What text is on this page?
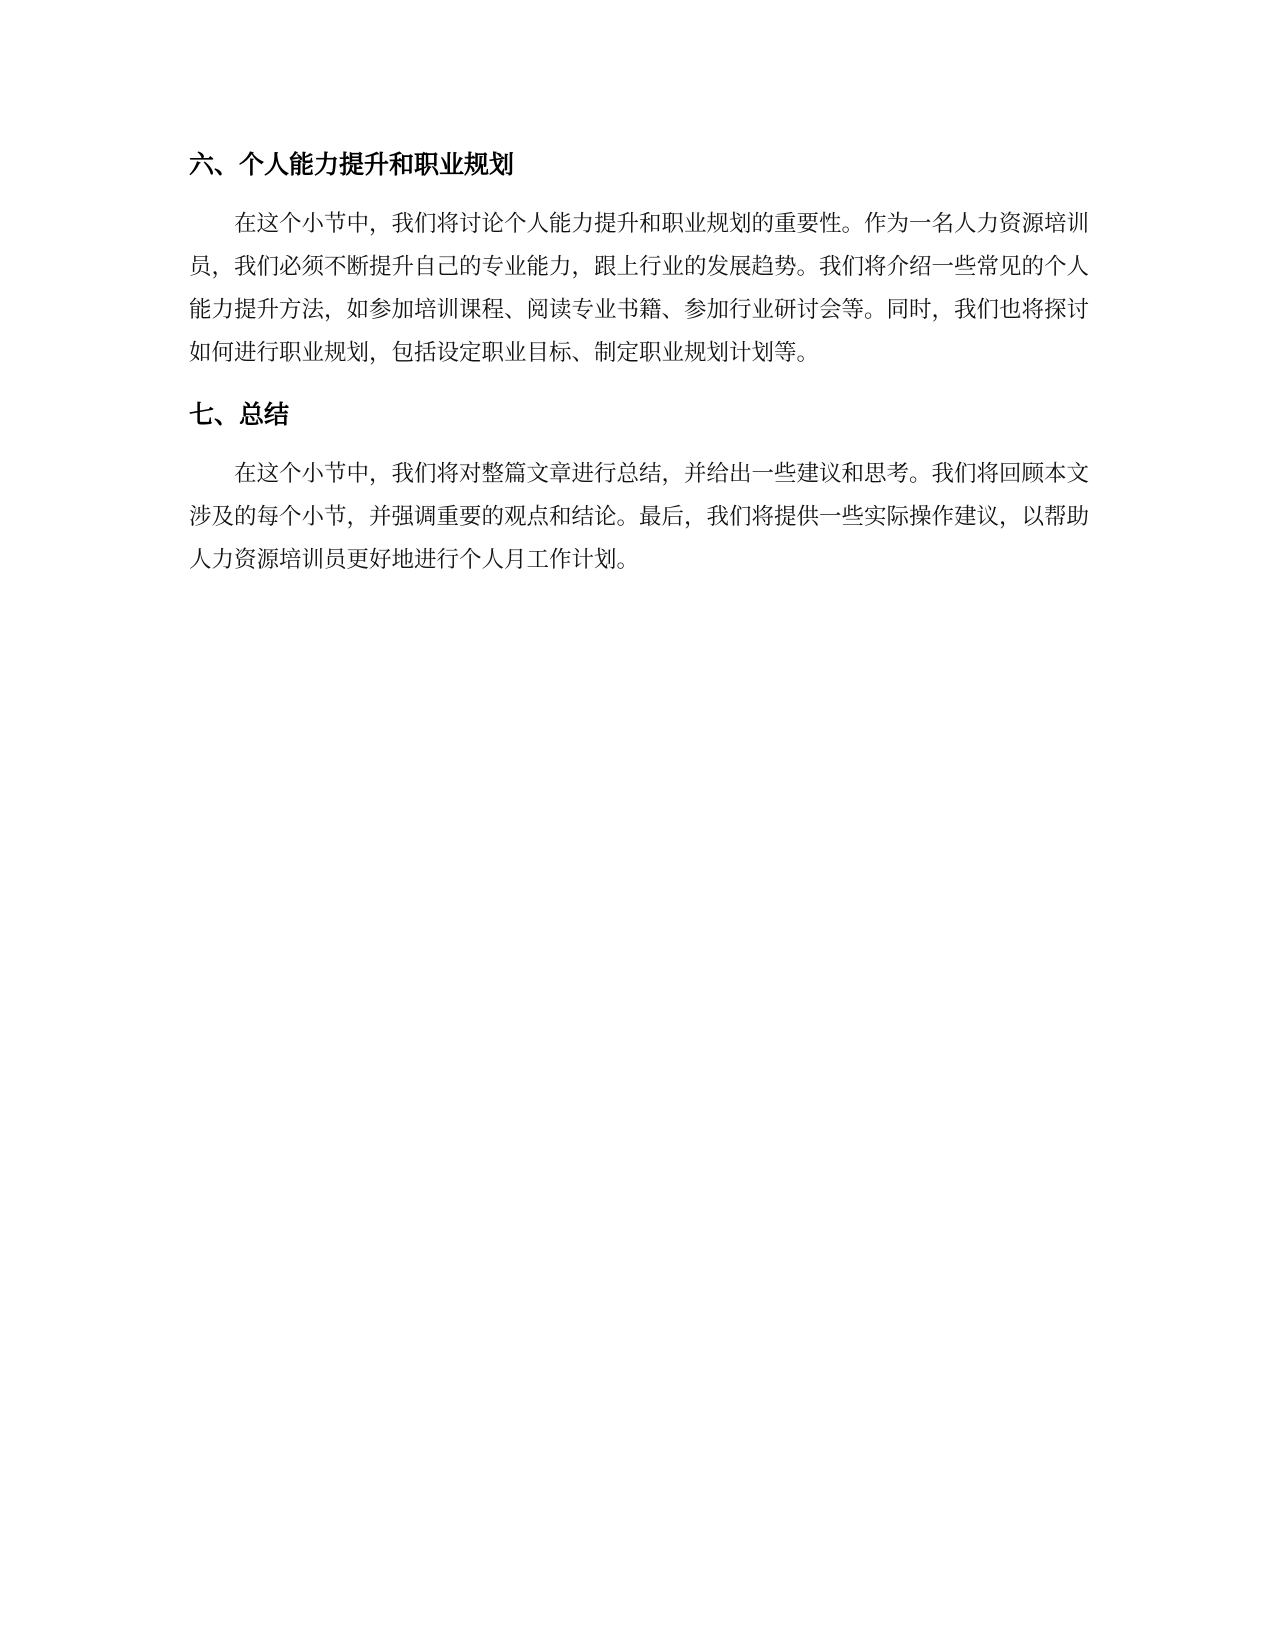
六、个人能力提升和职业规划

在这个小节中，我们将讨论个人能力提升和职业规划的重要性。作为一名人力资源培训员，我们必须不断提升自己的专业能力，跟上行业的发展趋势。我们将介绍一些常见的个人能力提升方法，如参加培训课程、阅读专业书籍、参加行业研讨会等。同时，我们也将探讨如何进行职业规划，包括设定职业目标、制定职业规划计划等。

七、总结

在这个小节中，我们将对整篇文章进行总结，并给出一些建议和思考。我们将回顾本文涉及的每个小节，并强调重要的观点和结论。最后，我们将提供一些实际操作建议，以帮助人力资源培训员更好地进行个人月工作计划。
